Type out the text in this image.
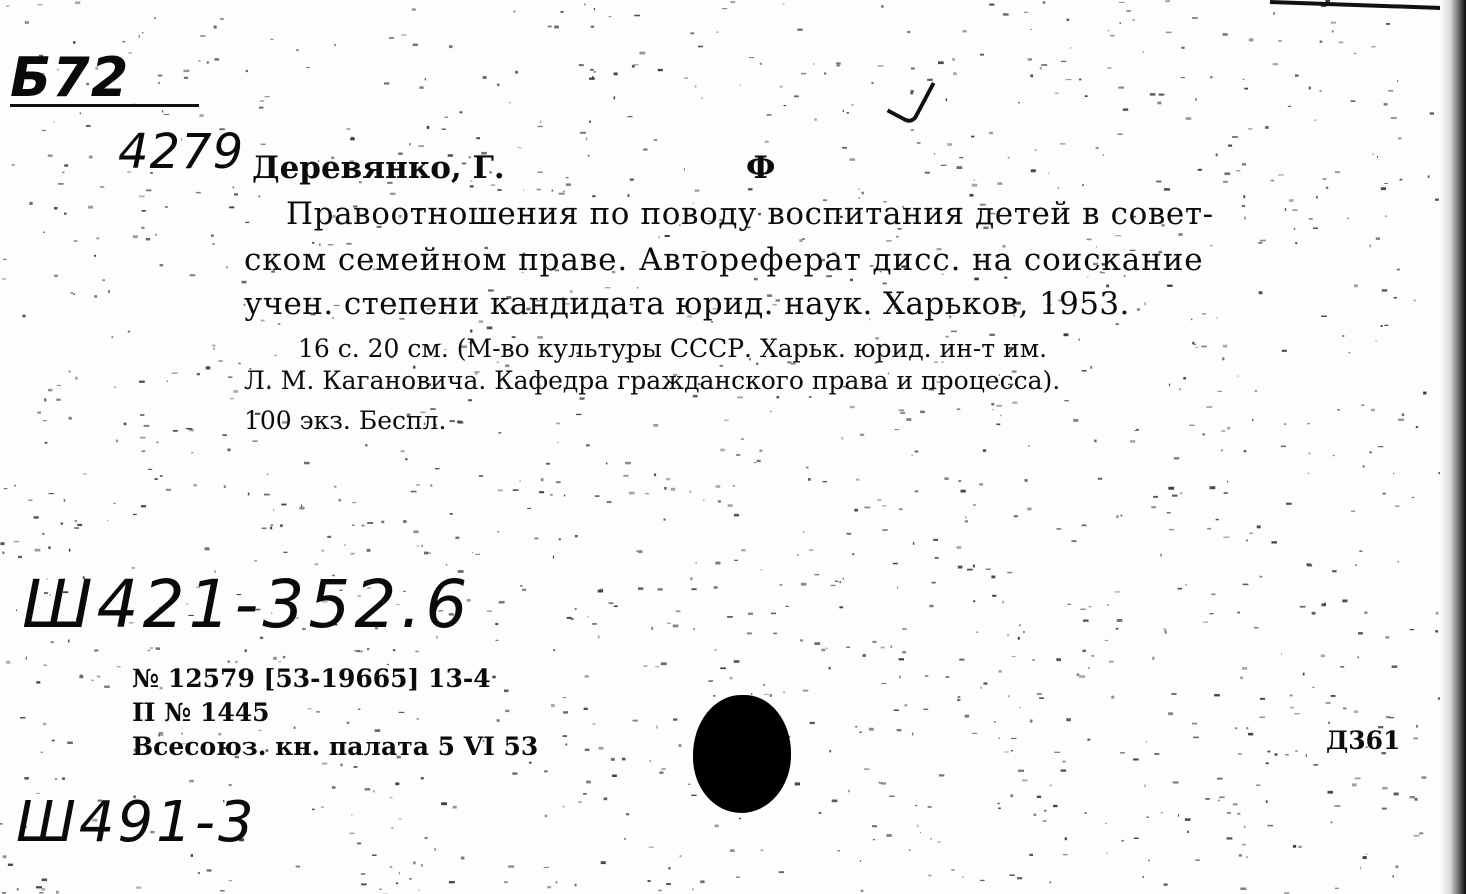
Б72
4279
Ш421-352.6
Ш491-3
Деревянко, Г.	Ф
Правоотношения по поводу воспитания детей в совет-
ском семейном праве. Автореферат дисс. на соискание
учен. степени кандидата юрид. наук. Харьков, 1953.
16 с. 20 см. (М-во культуры СССР. Харьк. юрид. ин-т им.
Л. М. Кагановича. Кафедра гражданского права и процесса).
100 экз. Беспл.
№ 12579 [53-19665] 13-4
II № 1445
Всесоюз. кн. палата 5 VI 53	Д361
